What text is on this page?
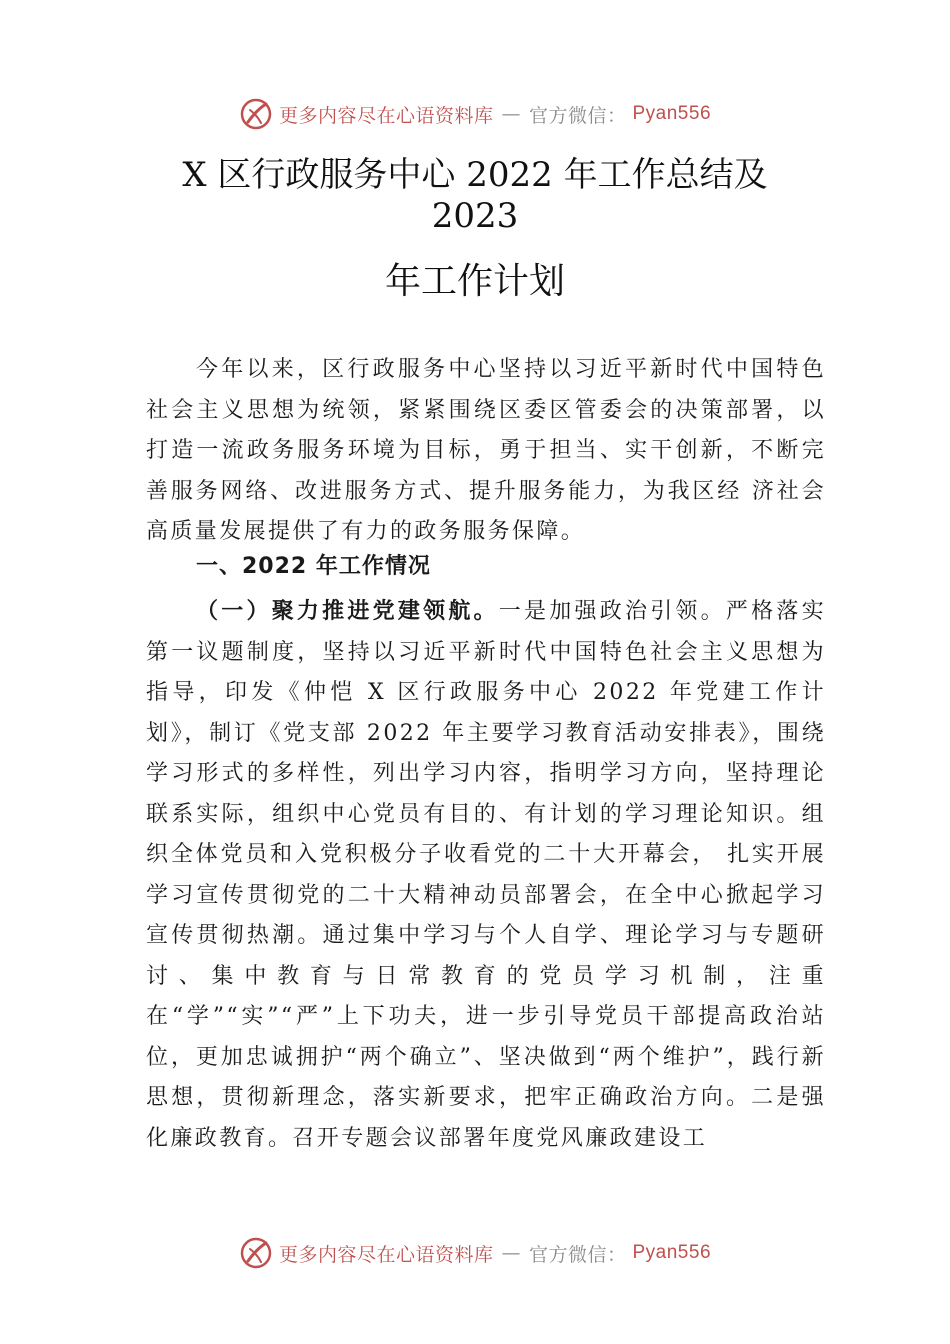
更多内容尽在心语资料库 — 官方微信： Pyan556
X 区行政服务中心 2022 年工作总结及
2023
年工作计划

今年以来，区行政服务中心坚持以习近平新时代中国特色社会主义思想为统领，紧紧围绕区委区管委会的决策部署，以打造一流政务服务环境为目标，勇于担当、实干创新，不断完善服务网络、改进服务方式、提升服务能力，为我区经 济社会高质量发展提供了有力的政务服务保障。

一、2022 年工作情况

（一）聚力推进党建领航。一是加强政治引领。严格落实第一议题制度，坚持以习近平新时代中国特色社会主义思想为指导，印发《仲恺 X 区行政服务中心 2022 年党建工作计划》，制订《党支部 2022 年主要学习教育活动安排表》，围绕学习形式的多样性，列出学习内容，指明学习方向，坚持理论联系实际，组织中心党员有目的、有计划的学习理论知识。组织全体党员和入党积极分子收看党的二十大开幕会， 扎实开展学习宣传贯彻党的二十大精神动员部署会，在全中心掀起学习宣传贯彻热潮。通过集中学习与个人自学、理论学习与专题研讨、集中教育与日常教育的党员学习机制，注重在“学”“实”“严”上下功夫，进一步引导党员干部提高政治站位，更加忠诚拥护“两个确立”、坚决做到“两个维护”，践行新思想，贯彻新理念，落实新要求，把牢正确政治方向。二是强化廉政教育。召开专题会议部署年度党风廉政建设工

更多内容尽在心语资料库 — 官方微信： Pyan556
